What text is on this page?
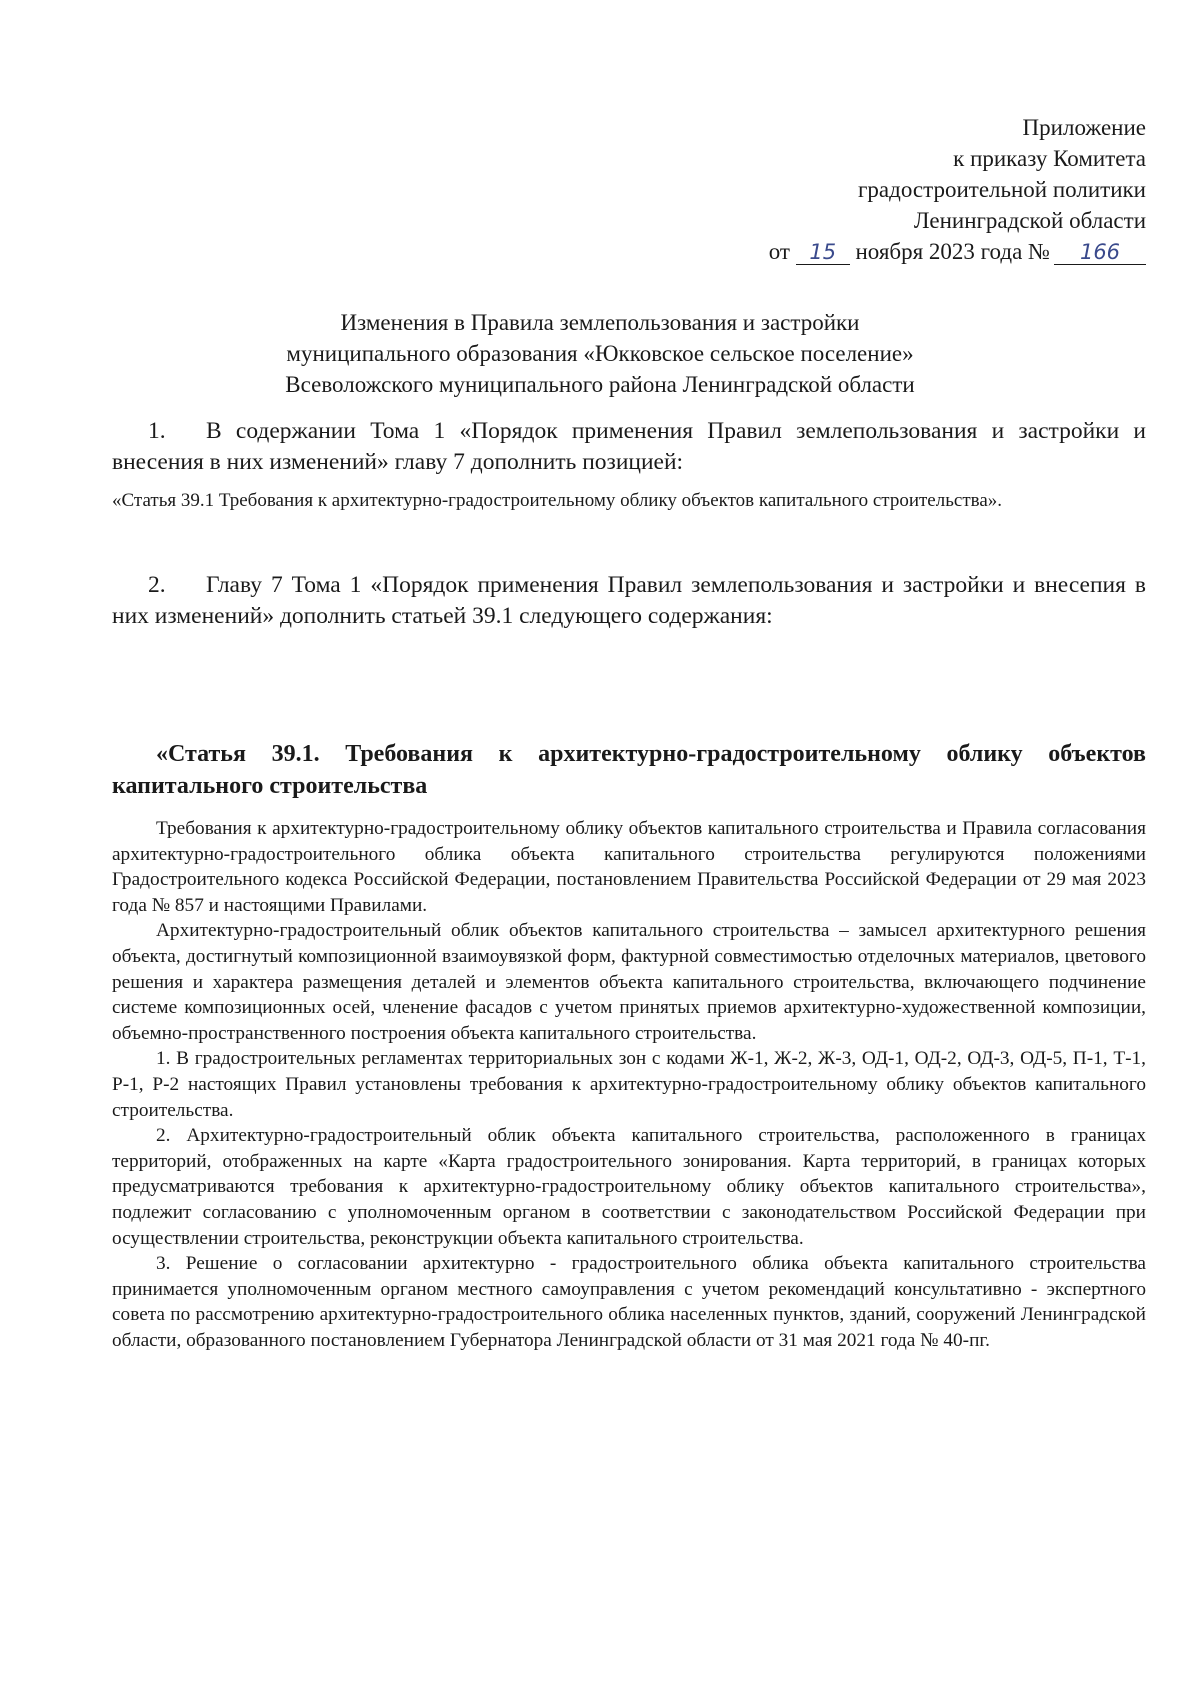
Приложение
к приказу Комитета
градостроительной политики
Ленинградской области
от 15 ноября 2023 года № 166
Изменения в Правила землепользования и застройки
муниципального образования «Юкковское сельское поселение»
Всеволожского муниципального района Ленинградской области

1. В содержании Тома 1 «Порядок применения Правил землепользования и застройки и внесения в них изменений» главу 7 дополнить позицией:

«Статья 39.1 Требования к архитектурно-градостроительному облику объектов капитального строительства».

2. Главу 7 Тома 1 «Порядок применения Правил землепользования и застройки и внесепия в них изменений» дополнить статьей 39.1 следующего содержания:

«Статья 39.1. Требования к архитектурно-градостроительному облику объектов капитального строительства

Требования к архитектурно-градостроительному облику объектов капитального строительства и Правила согласования архитектурно-градостроительного облика объекта капитального строительства регулируются положениями Градостроительного кодекса Российской Федерации, постановлением Правительства Российской Федерации от 29 мая 2023 года № 857 и настоящими Правилами.

Архитектурно-градостроительный облик объектов капитального строительства – замысел архитектурного решения объекта, достигнутый композиционной взаимоувязкой форм, фактурной совместимостью отделочных материалов, цветового решения и характера размещения деталей и элементов объекта капитального строительства, включающего подчинение системе композиционных осей, членение фасадов с учетом принятых приемов архитектурно-художественной композиции, объемно-пространственного построения объекта капитального строительства.

1. В градостроительных регламентах территориальных зон с кодами Ж-1, Ж-2, Ж-3, ОД-1, ОД-2, ОД-3, ОД-5, П-1, Т-1, Р-1, Р-2 настоящих Правил установлены требования к архитектурно-градостроительному облику объектов капитального строительства.

2. Архитектурно-градостроительный облик объекта капитального строительства, расположенного в границах территорий, отображенных на карте «Карта градостроительного зонирования. Карта территорий, в границах которых предусматриваются требования к архитектурно-градостроительному облику объектов капитального строительства», подлежит согласованию с уполномоченным органом в соответствии с законодательством Российской Федерации при осуществлении строительства, реконструкции объекта капитального строительства.

3. Решение о согласовании архитектурно - градостроительного облика объекта капитального строительства принимается уполномоченным органом местного самоуправления с учетом рекомендаций консультативно - экспертного совета по рассмотрению архитектурно-градостроительного облика населенных пунктов, зданий, сооружений Ленинградской области, образованного постановлением Губернатора Ленинградской области от 31 мая 2021 года № 40-пг.
